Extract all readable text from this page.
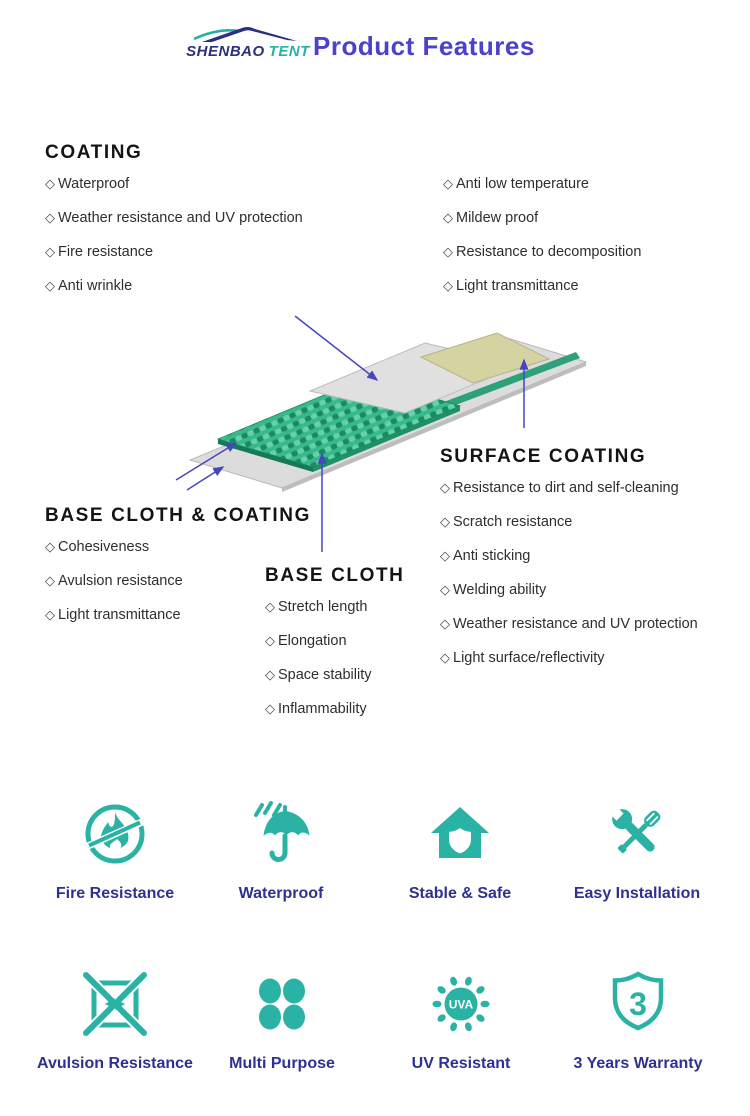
SHENBAO TENT Product Features
COATING
◇ Waterproof
◇ Weather resistance and UV protection
◇ Fire resistance
◇ Anti wrinkle
◇ Anti low temperature
◇ Mildew proof
◇ Resistance to decomposition
◇ Light transmittance
BASE CLOTH & COATING
◇ Cohesiveness
◇ Avulsion resistance
◇ Light transmittance
BASE CLOTH
◇ Stretch length
◇ Elongation
◇ Space stability
◇ Inflammability
SURFACE COATING
◇ Resistance to dirt and self-cleaning
◇ Scratch resistance
◇ Anti sticking
◇ Welding ability
◇ Weather resistance and UV protection
◇ Light surface/reflectivity
Fire Resistance	Waterproof	Stable & Safe	Easy Installation
Avulsion Resistance	Multi Purpose
UVA
UV Resistant
3
3 Years Warranty
